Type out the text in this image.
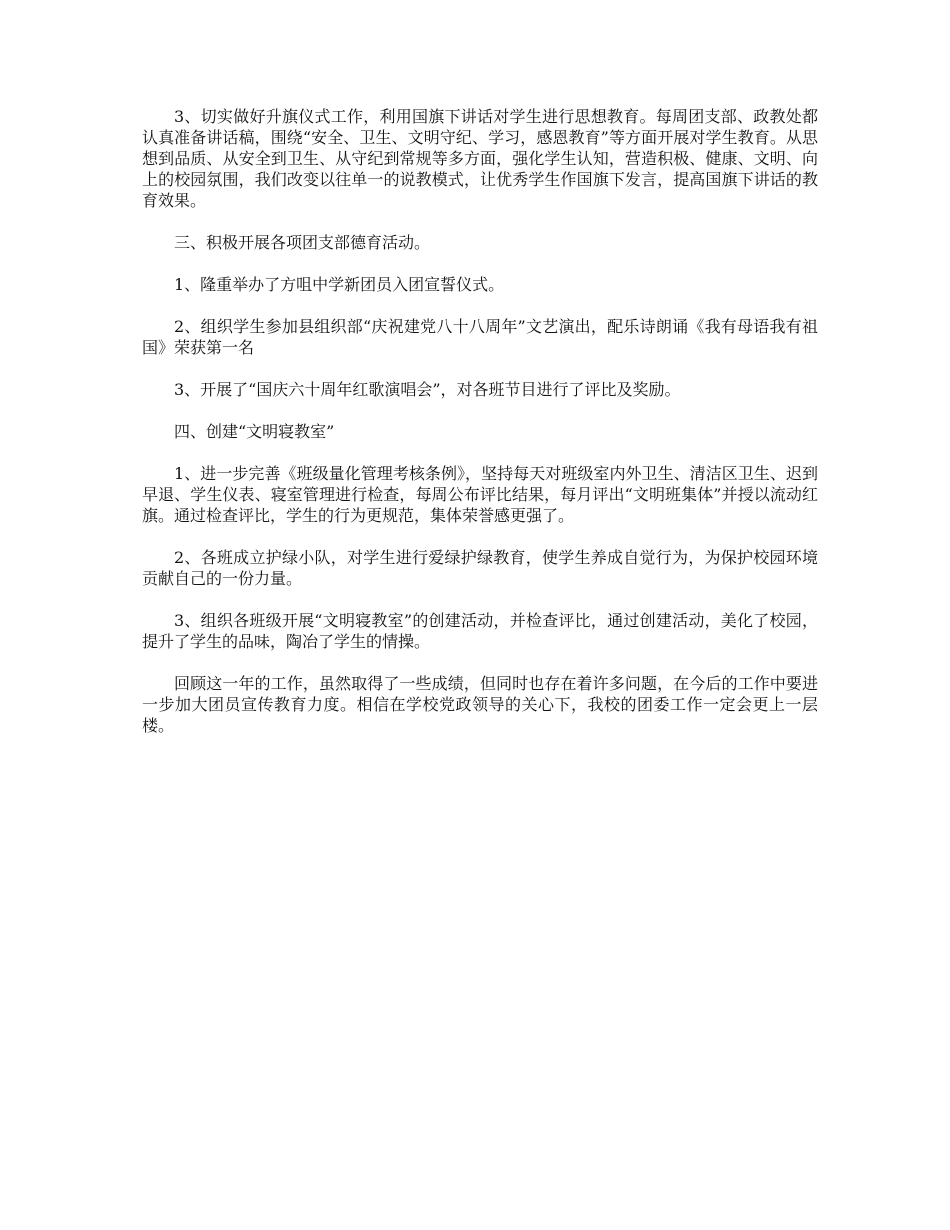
3、切实做好升旗仪式工作，利用国旗下讲话对学生进行思想教育。每周团支部、政教处都认真准备讲话稿，围绕“安全、卫生、文明守纪、学习，感恩教育”等方面开展对学生教育。从思想到品质、从安全到卫生、从守纪到常规等多方面，强化学生认知，营造积极、健康、文明、向上的校园氛围，我们改变以往单一的说教模式，让优秀学生作国旗下发言，提高国旗下讲话的教育效果。

三、积极开展各项团支部德育活动。

1、隆重举办了方咀中学新团员入团宣誓仪式。

2、组织学生参加县组织部“庆祝建党八十八周年”文艺演出，配乐诗朗诵《我有母语我有祖国》荣获第一名

3、开展了“国庆六十周年红歌演唱会”，对各班节目进行了评比及奖励。

四、创建“文明寝教室”

1、进一步完善《班级量化管理考核条例》，坚持每天对班级室内外卫生、清洁区卫生、迟到早退、学生仪表、寝室管理进行检查，每周公布评比结果，每月评出“文明班集体”并授以流动红旗。通过检查评比，学生的行为更规范，集体荣誉感更强了。

2、各班成立护绿小队，对学生进行爱绿护绿教育，使学生养成自觉行为，为保护校园环境贡献自己的一份力量。

3、组织各班级开展“文明寝教室”的创建活动，并检查评比，通过创建活动，美化了校园，提升了学生的品味，陶冶了学生的情操。

回顾这一年的工作，虽然取得了一些成绩，但同时也存在着许多问题，在今后的工作中要进一步加大团员宣传教育力度。相信在学校党政领导的关心下，我校的团委工作一定会更上一层楼。
